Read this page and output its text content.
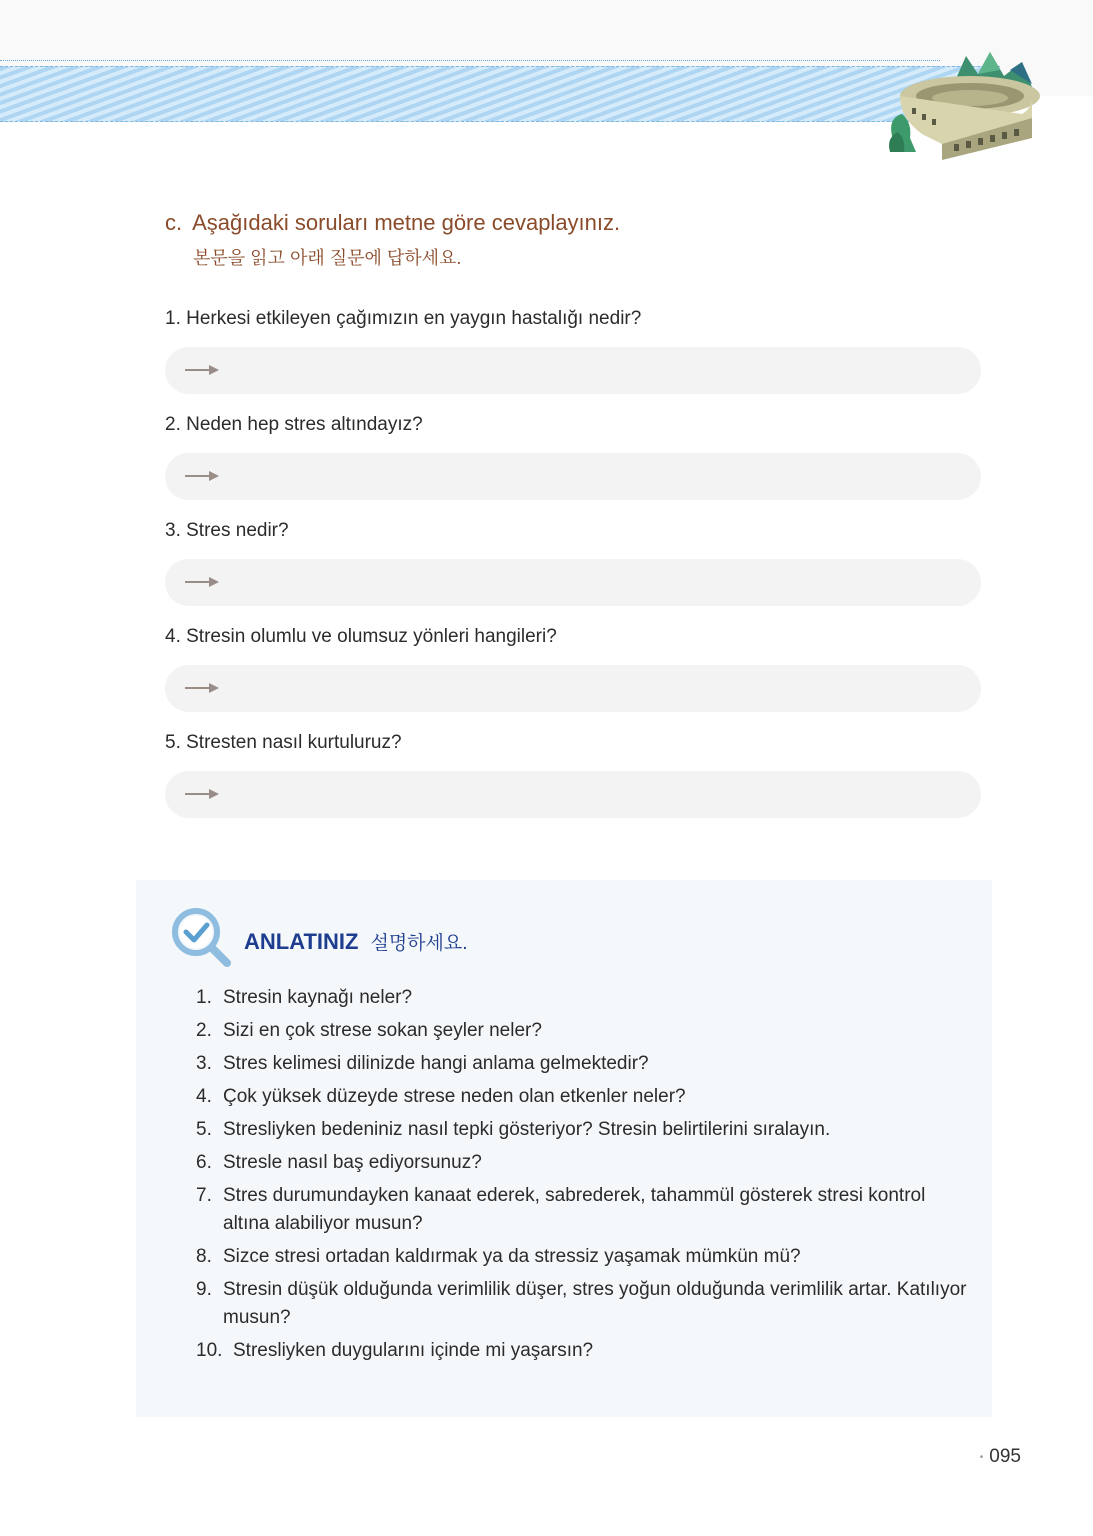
c. Aşağıdaki soruları metne göre cevaplayınız.
본문을 읽고 아래 질문에 답하세요.
1. Herkesi etkileyen çağımızın en yaygın hastalığı nedir?
2. Neden hep stres altındayız?
3. Stres nedir?
4. Stresin olumlu ve olumsuz yönleri hangileri?
5. Stresten nasıl kurtuluruz?
ANLATINIZ 설명하세요.
1. Stresin kaynağı neler?
2. Sizi en çok strese sokan şeyler neler?
3. Stres kelimesi dilinizde hangi anlama gelmektedir?
4. Çok yüksek düzeyde strese neden olan etkenler neler?
5. Stresliyken bedeniniz nasıl tepki gösteriyor? Stresin belirtilerini sıralayın.
6. Stresle nasıl baş ediyorsunuz?
7. Stres durumundayken kanaat ederek, sabrederek, tahammül gösterek stresi kontrol altına alabiliyor musun?
8. Sizce stresi ortadan kaldırmak ya da stressiz yaşamak mümkün mü?
9. Stresin düşük olduğunda verimlilik düşer, stres yoğun olduğunda verimlilik artar. Katılıyor musun?
10. Stresliyken duygularını içinde mi yaşarsın?
• 095
